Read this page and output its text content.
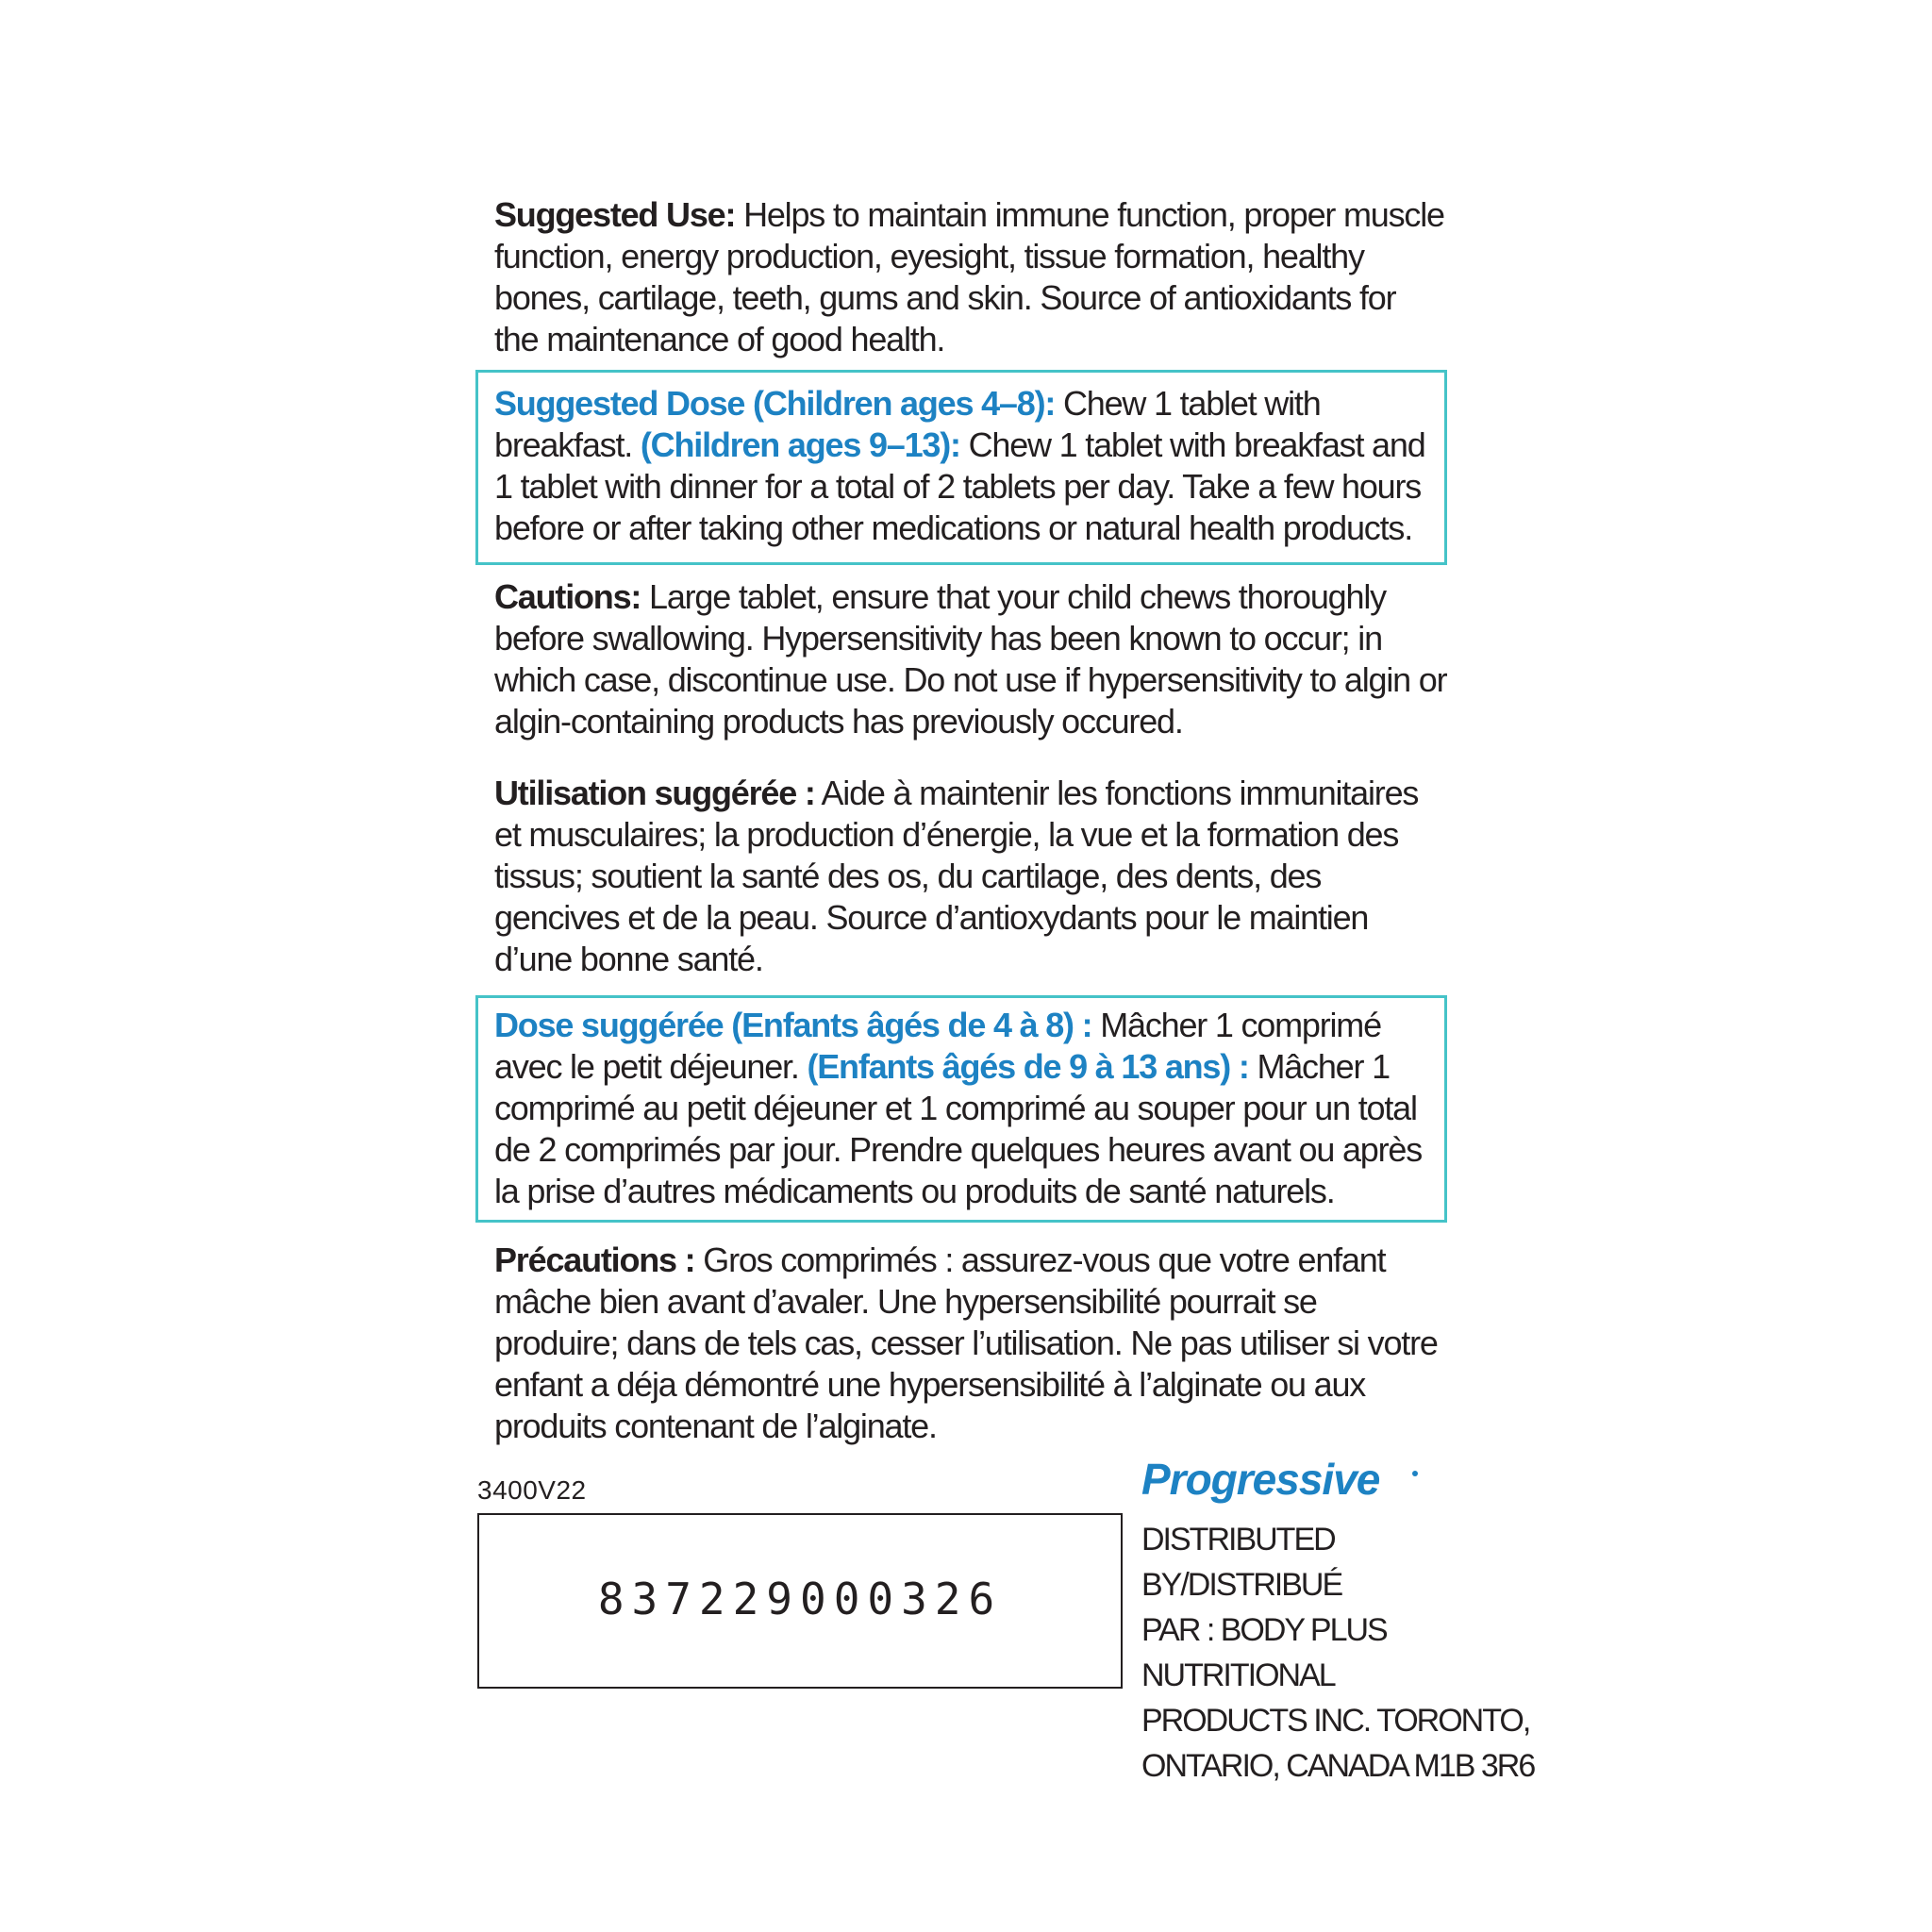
Suggested Use: Helps to maintain immune function, proper muscle function, energy production, eyesight, tissue formation, healthy bones, cartilage, teeth, gums and skin. Source of antioxidants for the maintenance of good health.
Suggested Dose (Children ages 4–8): Chew 1 tablet with breakfast. (Children ages 9–13): Chew 1 tablet with breakfast and 1 tablet with dinner for a total of 2 tablets per day. Take a few hours before or after taking other medications or natural health products.
Cautions: Large tablet, ensure that your child chews thoroughly before swallowing. Hypersensitivity has been known to occur; in which case, discontinue use. Do not use if hypersensitivity to algin or algin-containing products has previously occured.
Utilisation suggérée : Aide à maintenir les fonctions immunitaires et musculaires; la production d’énergie, la vue et la formation des tissus; soutient la santé des os, du cartilage, des dents, des gencives et de la peau. Source d’antioxydants pour le maintien d’une bonne santé.
Dose suggérée (Enfants âgés de 4 à 8) : Mâcher 1 comprimé avec le petit déjeuner. (Enfants âgés de 9 à 13 ans) : Mâcher 1 comprimé au petit déjeuner et 1 comprimé au souper pour un total de 2 comprimés par jour. Prendre quelques heures avant ou après la prise d’autres médicaments ou produits de santé naturels.
Précautions : Gros comprimés : assurez-vous que votre enfant mâche bien avant d’avaler. Une hypersensibilité pourrait se produire; dans de tels cas, cesser l’utilisation. Ne pas utiliser si votre enfant a déja démontré une hypersensibilité à l’alginate ou aux produits contenant de l’alginate.
3400V22
837229000326
Progressive
DISTRIBUTED BY/DISTRIBUÉ
PAR : BODY PLUS NUTRITIONAL
PRODUCTS INC. TORONTO,
ONTARIO, CANADA M1B 3R6
